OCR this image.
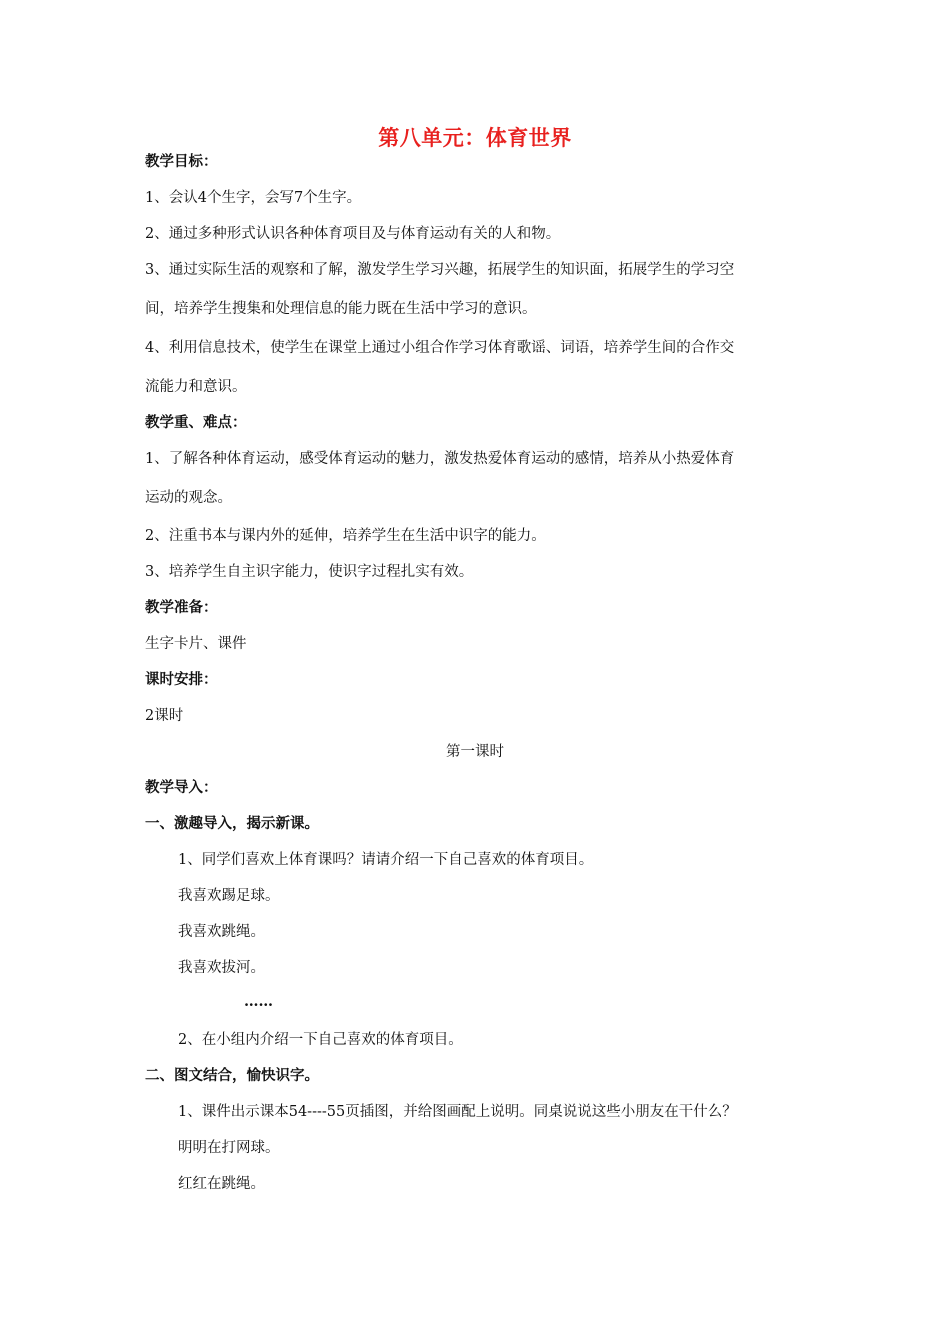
第八单元：体育世界
教学目标：
1、会认4个生字，会写7个生字。
2、通过多种形式认识各种体育项目及与体育运动有关的人和物。
3、通过实际生活的观察和了解，激发学生学习兴趣，拓展学生的知识面，拓展学生的学习空
间，培养学生搜集和处理信息的能力既在生活中学习的意识。
4、利用信息技术，使学生在课堂上通过小组合作学习体育歌谣、词语，培养学生间的合作交
流能力和意识。
教学重、难点：
1、了解各种体育运动，感受体育运动的魅力，激发热爱体育运动的感情，培养从小热爱体育
运动的观念。
2、注重书本与课内外的延伸，培养学生在生活中识字的能力。
3、培养学生自主识字能力，使识字过程扎实有效。
教学准备：
生字卡片、课件
课时安排：
2课时
第一课时
教学导入：
一、激趣导入，揭示新课。
1、同学们喜欢上体育课吗？请请介绍一下自己喜欢的体育项目。
我喜欢踢足球。
我喜欢跳绳。
我喜欢拔河。
……
2、在小组内介绍一下自己喜欢的体育项目。
二、图文结合，愉快识字。
1、课件出示课本54----55页插图，并给图画配上说明。同桌说说这些小朋友在干什么？
明明在打网球。
红红在跳绳。
